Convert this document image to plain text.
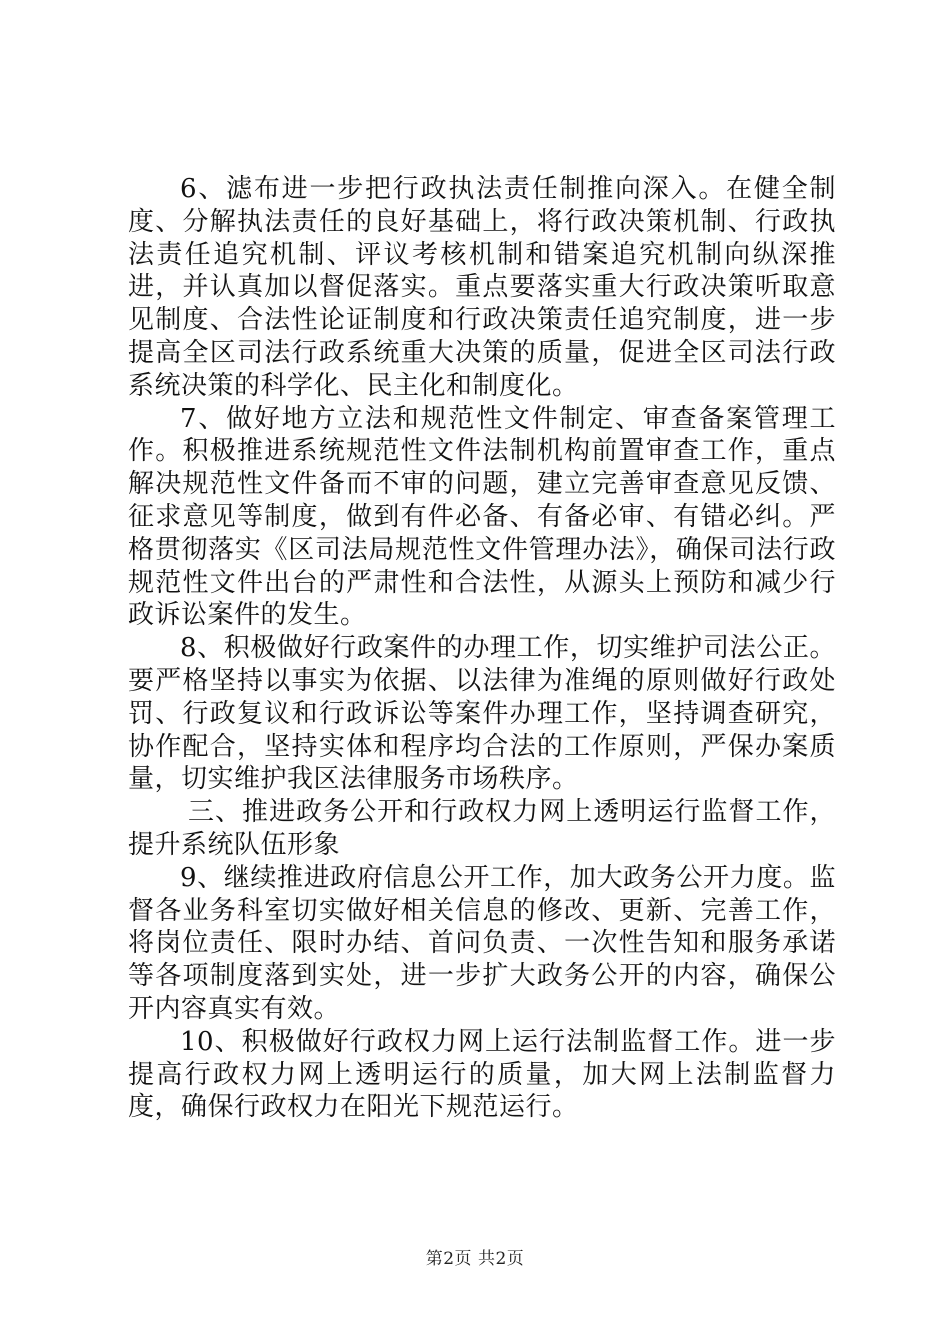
6、滤布进一步把行政执法责任制推向深入。在健全制度、分解执法责任的良好基础上，将行政决策机制、行政执法责任追究机制、评议考核机制和错案追究机制向纵深推进，并认真加以督促落实。重点要落实重大行政决策听取意见制度、合法性论证制度和行政决策责任追究制度，进一步提高全区司法行政系统重大决策的质量，促进全区司法行政系统决策的科学化、民主化和制度化。

7、做好地方立法和规范性文件制定、审查备案管理工作。积极推进系统规范性文件法制机构前置审查工作，重点解决规范性文件备而不审的问题，建立完善审查意见反馈、征求意见等制度，做到有件必备、有备必审、有错必纠。严格贯彻落实《区司法局规范性文件管理办法》，确保司法行政规范性文件出台的严肃性和合法性，从源头上预防和减少行政诉讼案件的发生。

8、积极做好行政案件的办理工作，切实维护司法公正。要严格坚持以事实为依据、以法律为准绳的原则做好行政处罚、行政复议和行政诉讼等案件办理工作，坚持调查研究，协作配合，坚持实体和程序均合法的工作原则，严保办案质量，切实维护我区法律服务市场秩序。

三、推进政务公开和行政权力网上透明运行监督工作，提升系统队伍形象

9、继续推进政府信息公开工作，加大政务公开力度。监督各业务科室切实做好相关信息的修改、更新、完善工作，将岗位责任、限时办结、首问负责、一次性告知和服务承诺等各项制度落到实处，进一步扩大政务公开的内容，确保公开内容真实有效。

10、积极做好行政权力网上运行法制监督工作。进一步提高行政权力网上透明运行的质量，加大网上法制监督力度，确保行政权力在阳光下规范运行。

第2页 共2页
